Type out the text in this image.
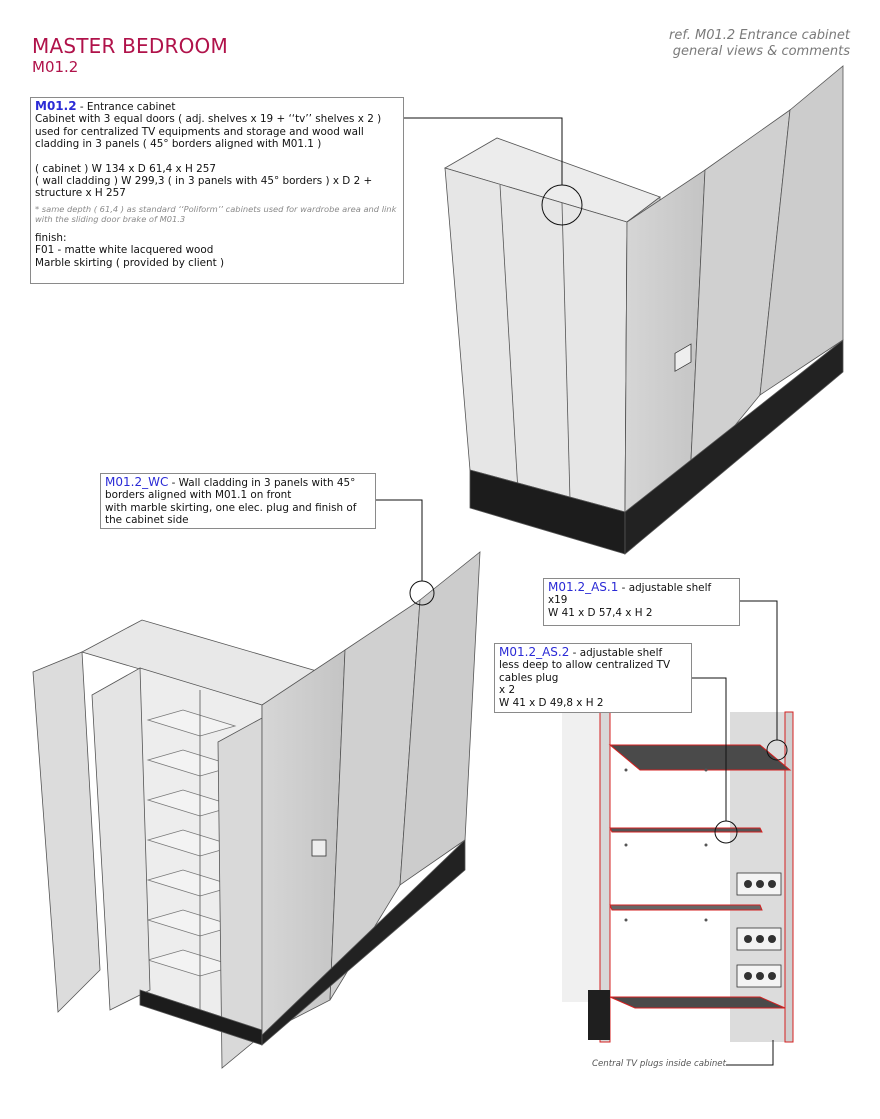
MASTER BEDROOM
M01.2
ref. M01.2 Entrance cabinet
general views & comments
M01.2 - Entrance cabinet
Cabinet with 3 equal doors ( adj. shelves x 19 + ‘‘tv’’ shelves x 2 )
used for centralized TV equipments and storage and wood wall
cladding in 3 panels ( 45° borders aligned with M01.1 )
( cabinet ) W 134 x D 61,4 x H 257
( wall cladding ) W 299,3 ( in 3 panels with 45° borders ) x D 2 +
structure x H 257
* same depth ( 61,4 ) as standard ‘‘Poliform’’ cabinets used for wardrobe area and link
with the sliding door brake of M01.3
finish:
F01 - matte white lacquered wood
Marble skirting ( provided by client )
M01.2_WC - Wall cladding in 3 panels with 45°
borders aligned with M01.1 on front
with marble skirting, one elec. plug and finish of
the cabinet side
M01.2_AS.1 - adjustable shelf
x19
W 41 x D 57,4 x H 2
M01.2_AS.2 - adjustable shelf
less deep to allow centralized TV
cables plug
x 2
W 41 x D 49,8 x H 2
Central TV plugs inside cabinet
